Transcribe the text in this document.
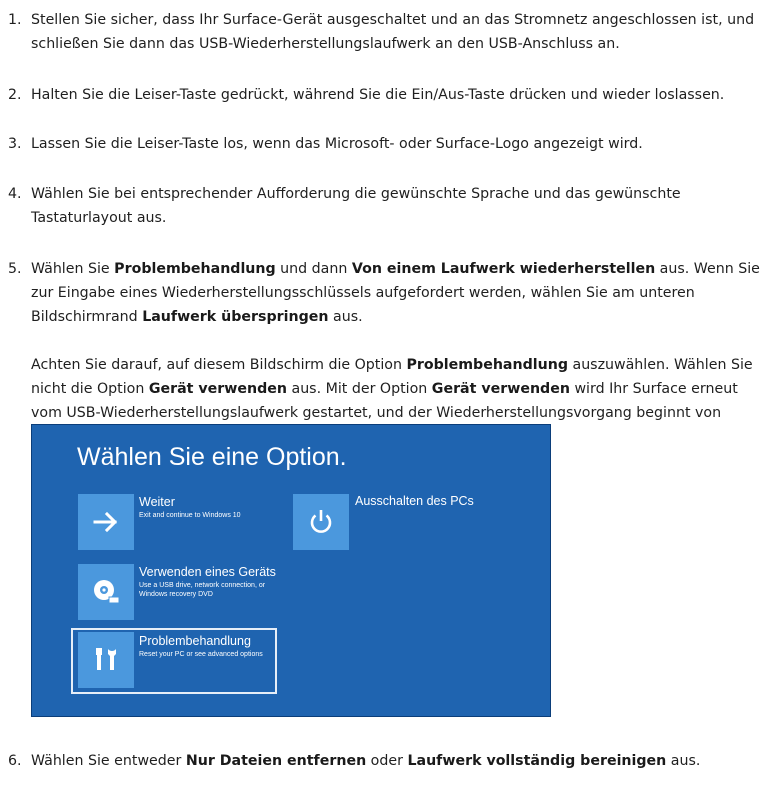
1. Stellen Sie sicher, dass Ihr Surface-Gerät ausgeschaltet und an das Stromnetz angeschlossen ist, und schließen Sie dann das USB-Wiederherstellungslaufwerk an den USB-Anschluss an.
2. Halten Sie die Leiser-Taste gedrückt, während Sie die Ein/Aus-Taste drücken und wieder loslassen.
3. Lassen Sie die Leiser-Taste los, wenn das Microsoft- oder Surface-Logo angezeigt wird.
4. Wählen Sie bei entsprechender Aufforderung die gewünschte Sprache und das gewünschte Tastaturlayout aus.
5. Wählen Sie Problembehandlung und dann Von einem Laufwerk wiederherstellen aus. Wenn Sie zur Eingabe eines Wiederherstellungsschlüssels aufgefordert werden, wählen Sie am unteren Bildschirmrand Laufwerk überspringen aus.
Achten Sie darauf, auf diesem Bildschirm die Option Problembehandlung auszuwählen. Wählen Sie nicht die Option Gerät verwenden aus. Mit der Option Gerät verwenden wird Ihr Surface erneut vom USB-Wiederherstellungslaufwerk gestartet, und der Wiederherstellungsvorgang beginnt von
Wählen Sie eine Option.
Weiter
Exit and continue to Windows 10
Ausschalten des PCs
Verwenden eines Geräts
Use a USB drive, network connection, or Windows recovery DVD
Problembehandlung
Reset your PC or see advanced options
6. Wählen Sie entweder Nur Dateien entfernen oder Laufwerk vollständig bereinigen aus.
